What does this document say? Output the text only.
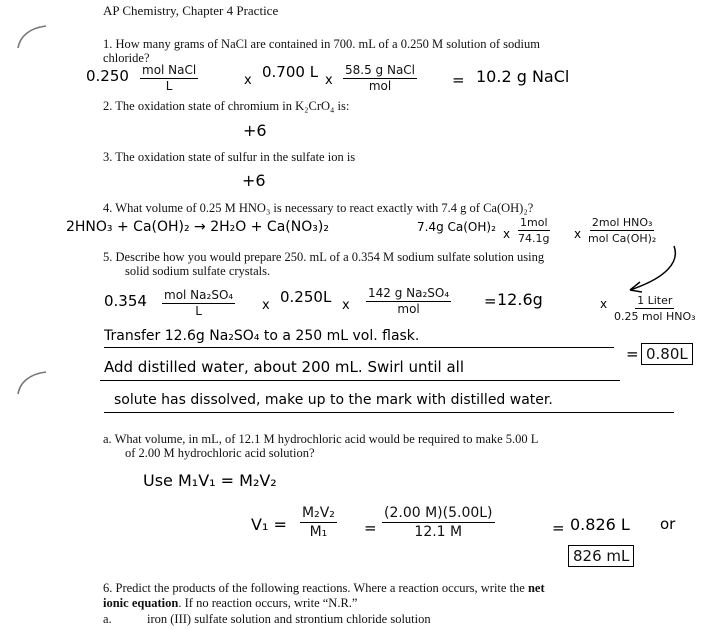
AP Chemistry, Chapter 4 Practice

1. How many grams of NaCl are contained in 700. mL of a 0.250 M solution of sodium

chloride?

0.250 mol NaCl
L	x 0.700 L x
58.5 g NaCl
mol	= 10.2 g NaCl

2. The oxidation state of chromium in K₂CrO₄ is:

+6

3. The oxidation state of sulfur in the sulfate ion is

+6

4. What volume of 0.25 M HNO₃ is necessary to react exactly with 7.4 g of Ca(OH)₂?

2HNO₃ + Ca(OH)₂ → 2H₂O + Ca(NO₃)₂	7.4g Ca(OH)₂ x
1mol
74.1g x
2mol HNO₃
mol Ca(OH)₂
x	1 Liter
0.25 mol HNO₃
= 0.80L

5. Describe how you would prepare 250. mL of a 0.354 M sodium sulfate solution using

solid sodium sulfate crystals.

0.354 mol Na₂SO₄
L	x 0.250L x
142 g Na₂SO₄
mol	= 12.6g
Transfer 12.6g Na₂SO₄ to a 250 mL vol. flask.
Add distilled water, about 200 mL. Swirl until all
solute has dissolved, make up to the mark with distilled water.

a. What volume, in mL, of 12.1 M hydrochloric acid would be required to make 5.00 L

of 2.00 M hydrochloric acid solution?

Use M₁V₁ = M₂V₂
$V_1 = \frac{\text{M₂V₂}}{\text{M₁}} = \frac{(2.00 M)(5.00L)}{12.1 M}$	= 0.826 L or
826 mL

6. Predict the products of the following reactions. Where a reaction occurs, write the net

ionic equation. If no reaction occurs, write “N.R.”

a.	iron (III) sulfate solution and strontium chloride solution
